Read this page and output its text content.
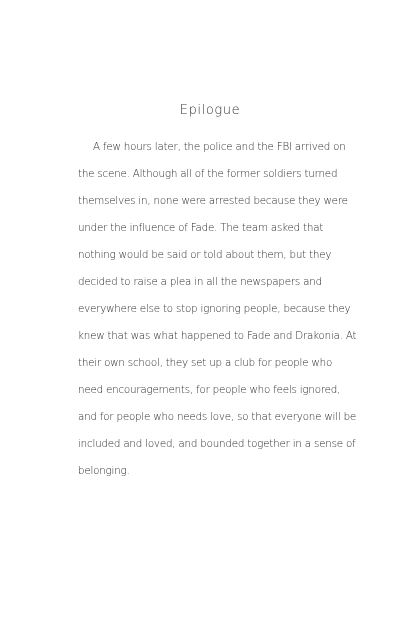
Epilogue
A few hours later, the police and the FBI arrived on
the scene. Although all of the former soldiers turned
themselves in, none were arrested because they were
under the influence of Fade. The team asked that
nothing would be said or told about them, but they
decided to raise a plea in all the newspapers and
everywhere else to stop ignoring people, because they
knew that was what happened to Fade and Drakonia. At
their own school, they set up a club for people who
need encouragements, for people who feels ignored,
and for people who needs love, so that everyone will be
included and loved, and bounded together in a sense of
belonging.
